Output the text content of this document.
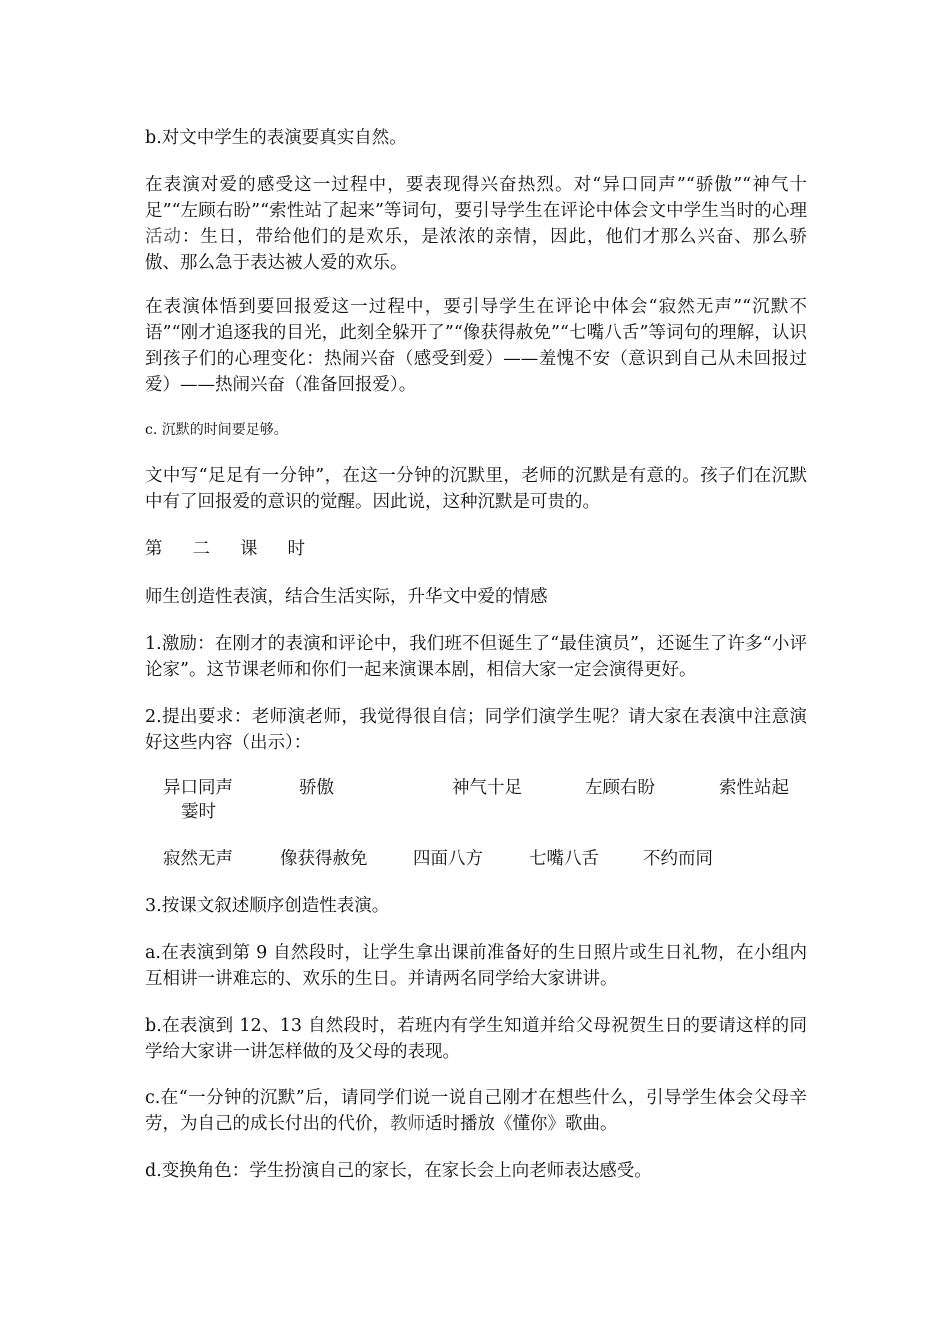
b.对文中学生的表演要真实自然。

在表演对爱的感受这一过程中，要表现得兴奋热烈。对“异口同声”“骄傲”“神气十足”“左顾右盼”“索性站了起来”等词句，要引导学生在评论中体会文中学生当时的心理活动：生日，带给他们的是欢乐，是浓浓的亲情，因此，他们才那么兴奋、那么骄傲、那么急于表达被人爱的欢乐。

在表演体悟到要回报爱这一过程中，要引导学生在评论中体会“寂然无声”“沉默不语”“刚才追逐我的目光，此刻全躲开了”“像获得赦免”“七嘴八舌”等词句的理解，认识到孩子们的心理变化：热闹兴奋（感受到爱）——羞愧不安（意识到自己从未回报过爱）——热闹兴奋（准备回报爱）。

c. 沉默的时间要足够。

文中写“足足有一分钟”，在这一分钟的沉默里，老师的沉默是有意的。孩子们在沉默中有了回报爱的意识的觉醒。因此说，这种沉默是可贵的。

第 二 课 时

师生创造性表演，结合生活实际，升华文中爱的情感

1.激励：在刚才的表演和评论中，我们班不但诞生了“最佳演员”，还诞生了许多“小评论家”。这节课老师和你们一起来演课本剧，相信大家一定会演得更好。

2.提出要求：老师演老师，我觉得很自信；同学们演学生呢？请大家在表演中注意演好这些内容（出示）：

异口同声	骄傲	神气十足	左顾右盼	索性站起
霎时
寂然无声	像获得赦免	四面八方	七嘴八舌	不约而同

3.按课文叙述顺序创造性表演。

a.在表演到第 9 自然段时，让学生拿出课前准备好的生日照片或生日礼物，在小组内互相讲一讲难忘的、欢乐的生日。并请两名同学给大家讲讲。

b.在表演到 12、13 自然段时，若班内有学生知道并给父母祝贺生日的要请这样的同学给大家讲一讲怎样做的及父母的表现。

c.在“一分钟的沉默”后，请同学们说一说自己刚才在想些什么，引导学生体会父母辛劳，为自己的成长付出的代价，教师适时播放《懂你》歌曲。

d.变换角色：学生扮演自己的家长，在家长会上向老师表达感受。
